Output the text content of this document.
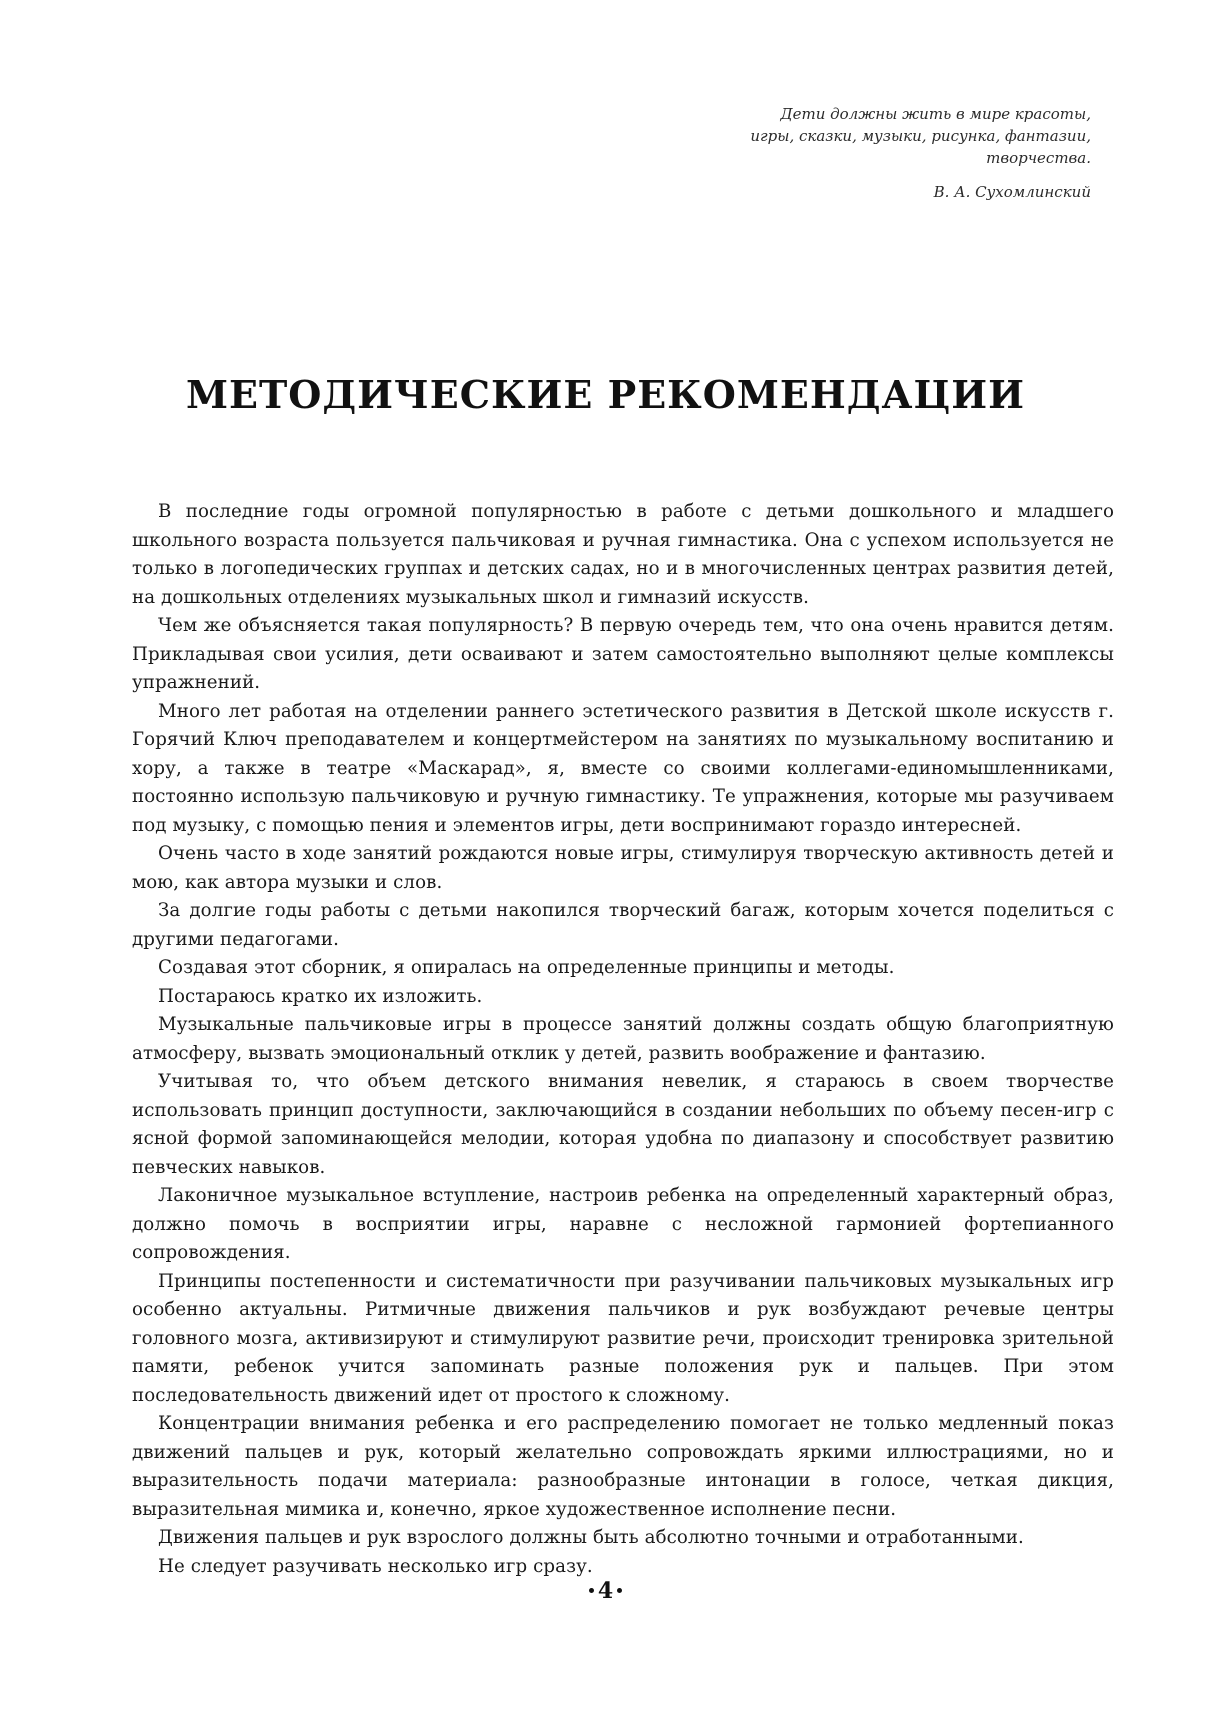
Дети должны жить в мире красоты,
игры, сказки, музыки, рисунка, фантазии,
творчества.
В. А. Сухомлинский
МЕТОДИЧЕСКИЕ РЕКОМЕНДАЦИИ

В последние годы огромной популярностью в работе с детьми дошкольного и младшего школьного возраста пользуется пальчиковая и ручная гимнастика. Она с успехом используется не только в логопедических группах и детских садах, но и в многочисленных центрах развития детей, на дошкольных отделениях музыкальных школ и гимназий искусств.

Чем же объясняется такая популярность? В первую очередь тем, что она очень нравится детям. Прикладывая свои усилия, дети осваивают и затем самостоятельно выполняют целые комплексы упражнений.

Много лет работая на отделении раннего эстетического развития в Детской школе искусств г. Горячий Ключ преподавателем и концертмейстером на занятиях по музыкальному воспитанию и хору, а также в театре «Маскарад», я, вместе со своими коллегами-единомышленниками, постоянно использую пальчиковую и ручную гимнастику. Те упражнения, которые мы разучиваем под музыку, с помощью пения и элементов игры, дети воспринимают гораздо интересней.

Очень часто в ходе занятий рождаются новые игры, стимулируя творческую активность детей и мою, как автора музыки и слов.

За долгие годы работы с детьми накопился творческий багаж, которым хочется поделиться с другими педагогами.

Создавая этот сборник, я опиралась на определенные принципы и методы.

Постараюсь кратко их изложить.

Музыкальные пальчиковые игры в процессе занятий должны создать общую благоприятную атмосферу, вызвать эмоциональный отклик у детей, развить воображение и фантазию.

Учитывая то, что объем детского внимания невелик, я стараюсь в своем творчестве использовать принцип доступности, заключающийся в создании небольших по объему песен-игр с ясной формой запоминающейся мелодии, которая удобна по диапазону и способствует развитию певческих навыков.

Лаконичное музыкальное вступление, настроив ребенка на определенный характерный образ, должно помочь в восприятии игры, наравне с несложной гармонией фортепианного сопровождения.

Принципы постепенности и систематичности при разучивании пальчиковых музыкальных игр особенно актуальны. Ритмичные движения пальчиков и рук возбуждают речевые центры головного мозга, активизируют и стимулируют развитие речи, происходит тренировка зрительной памяти, ребенок учится запоминать разные положения рук и пальцев. При этом последовательность движений идет от простого к сложному.

Концентрации внимания ребенка и его распределению помогает не только медленный показ движений пальцев и рук, который желательно сопровождать яркими иллюстрациями, но и выразительность подачи материала: разнообразные интонации в голосе, четкая дикция, выразительная мимика и, конечно, яркое художественное исполнение песни.

Движения пальцев и рук взрослого должны быть абсолютно точными и отработанными.

Не следует разучивать несколько игр сразу.

4
